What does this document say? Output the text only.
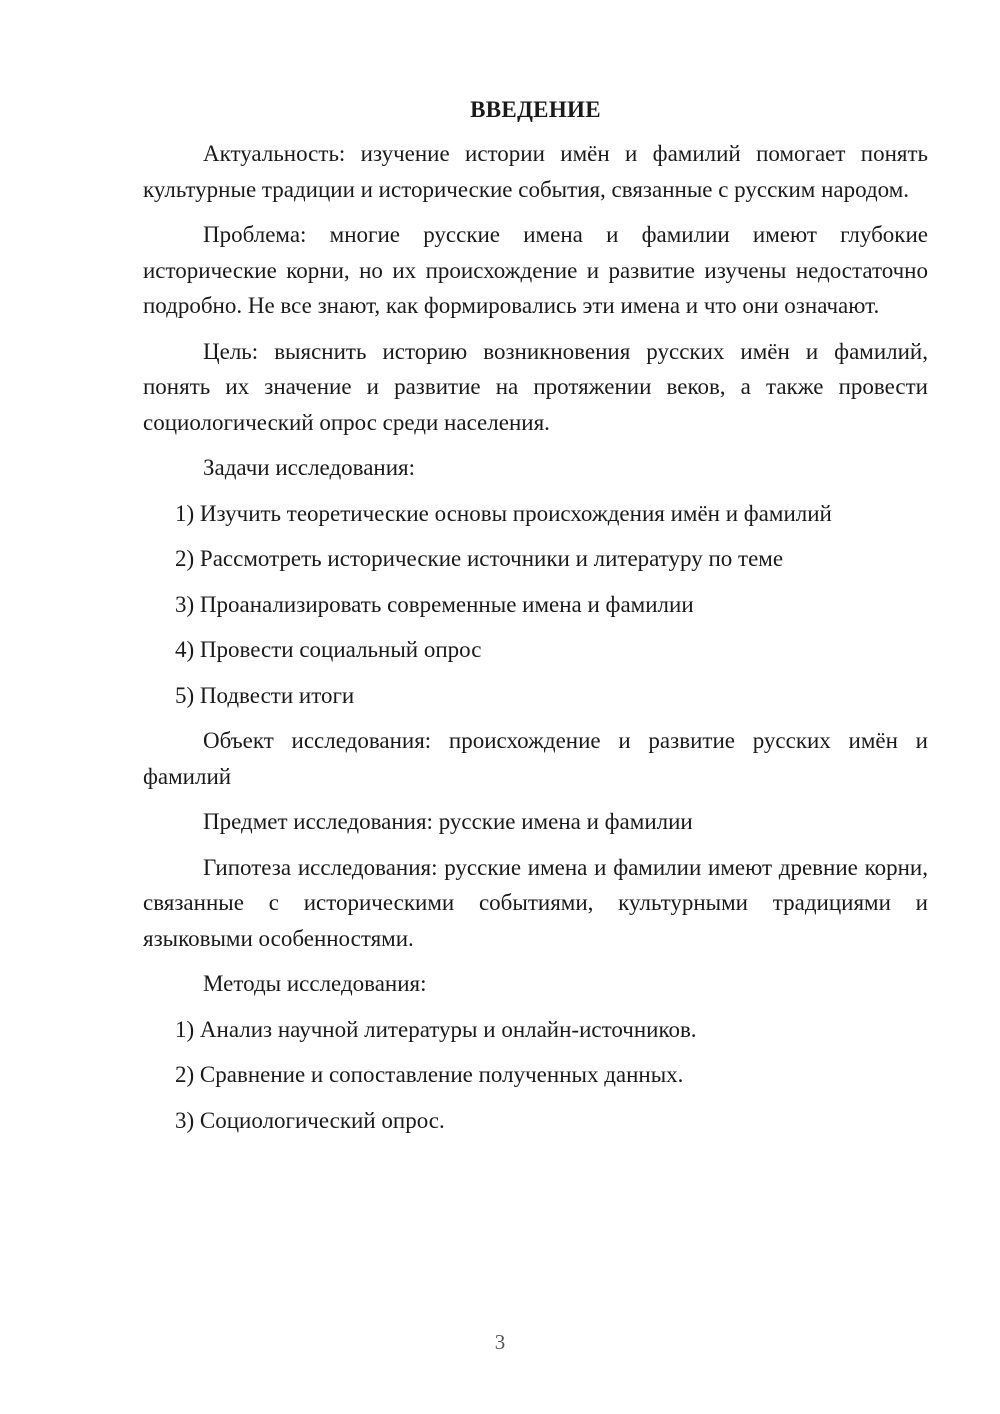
ВВЕДЕНИЕ

Актуальность: изучение истории имён и фамилий помогает понять культурные традиции и исторические события, связанные с русским народом.

Проблема: многие русские имена и фамилии имеют глубокие исторические корни, но их происхождение и развитие изучены недостаточно подробно. Не все знают, как формировались эти имена и что они означают.

Цель: выяснить историю возникновения русских имён и фамилий, понять их значение и развитие на протяжении веков, а также провести социологический опрос среди населения.

Задачи исследования:

1) Изучить теоретические основы происхождения имён и фамилий

2) Рассмотреть исторические источники и литературу по теме

3) Проанализировать современные имена и фамилии

4) Провести социальный опрос

5) Подвести итоги

Объект исследования: происхождение и развитие русских имён и фамилий

Предмет исследования: русские имена и фамилии

Гипотеза исследования: русские имена и фамилии имеют древние корни, связанные с историческими событиями, культурными традициями и языковыми особенностями.

Методы исследования:

1) Анализ научной литературы и онлайн-источников.

2) Сравнение и сопоставление полученных данных.

3) Социологический опрос.

3
